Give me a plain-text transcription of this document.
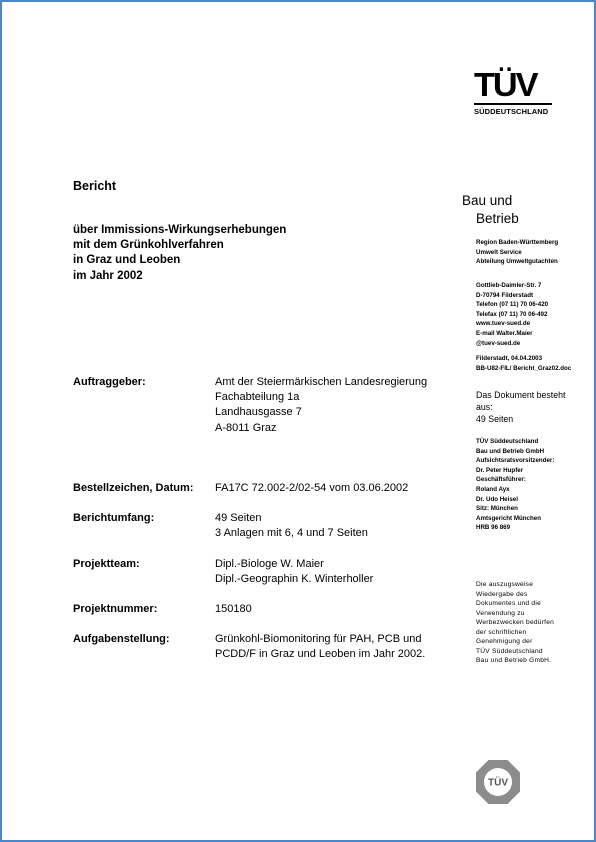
TÜV
SÜDDEUTSCHLAND
Bericht
über Immissions-Wirkungserhebungen
mit dem Grünkohlverfahren
in Graz und Leoben
im Jahr 2002
Auftraggeber:	Amt der Steiermärkischen Landesregierung
Fachabteilung 1a
Landhausgasse 7
A-8011 Graz
Bestellzeichen, Datum: FA17C 72.002-2/02-54 vom 03.06.2002
Berichtumfang:	49 Seiten
3 Anlagen mit 6, 4 und 7 Seiten
Projektteam:	Dipl.-Biologe W. Maier
Dipl.-Geographin K. Winterholler
Projektnummer:	150180
Aufgabenstellung:	Grünkohl-Biomonitoring für PAH, PCB und
PCDD/F in Graz und Leoben im Jahr 2002.
Bau und
Betrieb
Region Baden-Württemberg
Umwelt Service
Abteilung Umweltgutachten
Gottlieb-Daimler-Str. 7
D-70794 Filderstadt
Telefon (07 11) 70 06-420
Telefax (07 11) 70 06-492
www.tuev-sued.de
E-mail Walter.Maier
@tuev-sued.de
Filderstadt, 04.04.2003
BB-U82-FIL/ Bericht_Graz02.doc
Das Dokument besteht
aus:
49 Seiten
TÜV Süddeutschland
Bau und Betrieb GmbH
Aufsichtsratsvorsitzender:
Dr. Peter Hupfer
Geschäftsführer:
Roland Ayx
Dr. Udo Heisel
Sitz: München
Amtsgericht München
HRB 96 869
Die auszugsweise
Wiedergabe des
Dokumentes und die
Verwendung zu
Werbezwecken bedürfen
der schriftlichen
Genehmigung der
TÜV Süddeutschland
Bau und Betrieb GmbH.
TÜV
